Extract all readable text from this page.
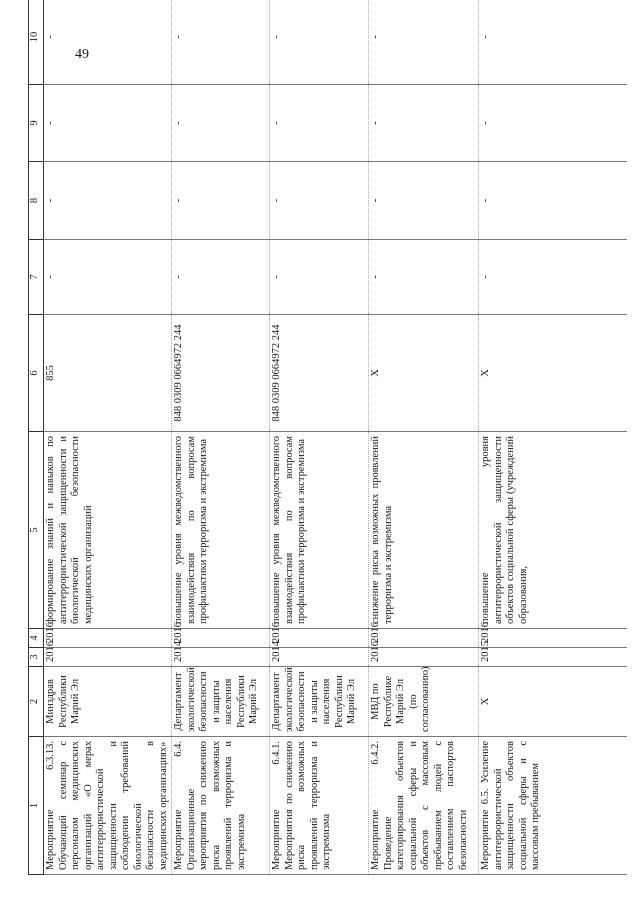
49
1	2	3	4	5	6	7	8	9	10
Мероприятие 6.3.13. Обучающий семинар с персоналом медицинских организаций «О мерах антитеррористической защищенности и соблюдении требований биологической безопасности в медицинских организациях»	Минздрав Республики Марий Эл	2016	2016	формирование знаний и навыков по антитеррористической защищенности и биологической безопасности медицинских организаций	855	-	-	-	-
Мероприятие 6.4. Организационные мероприятия по снижению риска возможных проявлений терроризма и экстремизма	Департамент экологической безопасности и защиты населения Республики Марий Эл	2014	2016	повышение уровня межведомственного взаимодействия по вопросам профилактики терроризма и экстремизма	848 0309 0664972 244	-	-	-	-
Мероприятие 6.4.1. Мероприятия по снижению риска возможных проявлений терроризма и экстремизма	Департамент экологической безопасности и защиты населения Республики Марий Эл	2014	2016	повышение уровня межведомственного взаимодействия по вопросам профилактики терроризма и экстремизма	848 0309 0664972 244	-	-	-	-
Мероприятие 6.4.2. Проведение категорирования объектов социальной сферы и объектов с массовым пребыванием людей с составлением паспортов безопасности	МВД по Республике Марий Эл (по согласованию)	2016	2016	снижение риска возможных проявлений терроризма и экстремизма	X	-	-	-	-
Мероприятие 6.5. Усиление антитеррористической защищенности объектов социальной сферы и с массовым пребыванием	X	2015	2016	повышение уровня антитеррористической защищенности объектов социальной сферы (учреждений образования,	X	-	-	-	-
